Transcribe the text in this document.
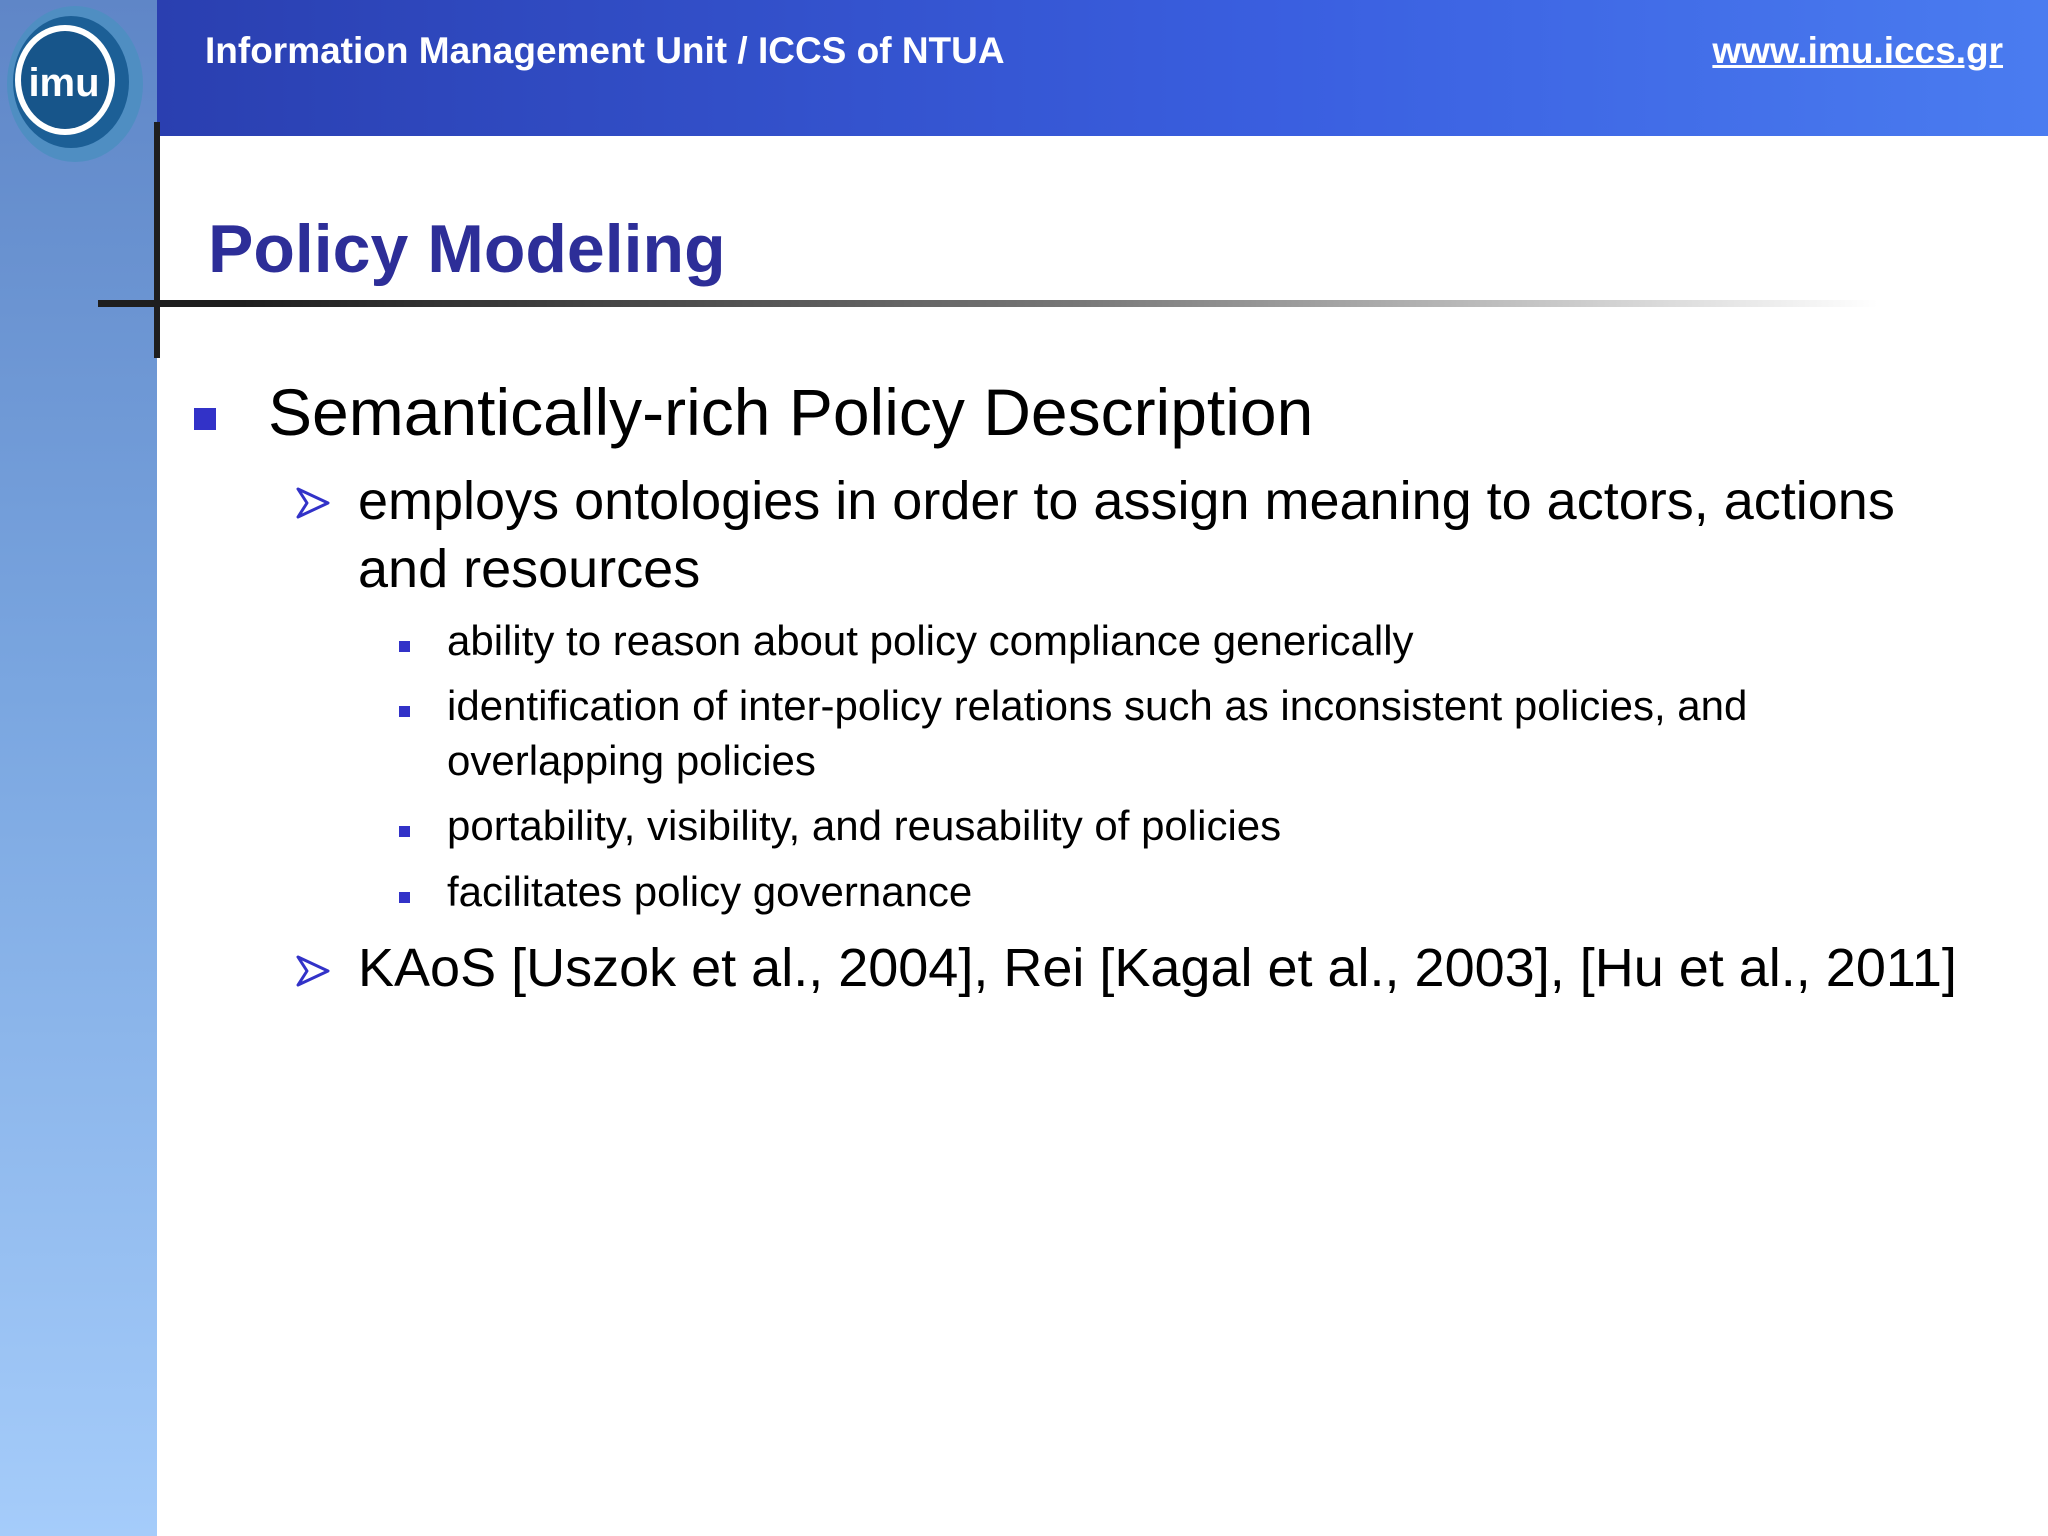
imu
Information Management Unit / ICCS of NTUA	www.imu.iccs.gr
Policy Modeling
Semantically-rich Policy Description
employs ontologies in order to assign meaning to actors, actions and resources
ability to reason about policy compliance generically
identification of inter-policy relations such as inconsistent policies, and overlapping policies
portability, visibility, and reusability of policies
facilitates policy governance
KAoS [Uszok et al., 2004], Rei [Kagal et al., 2003], [Hu et al., 2011]
